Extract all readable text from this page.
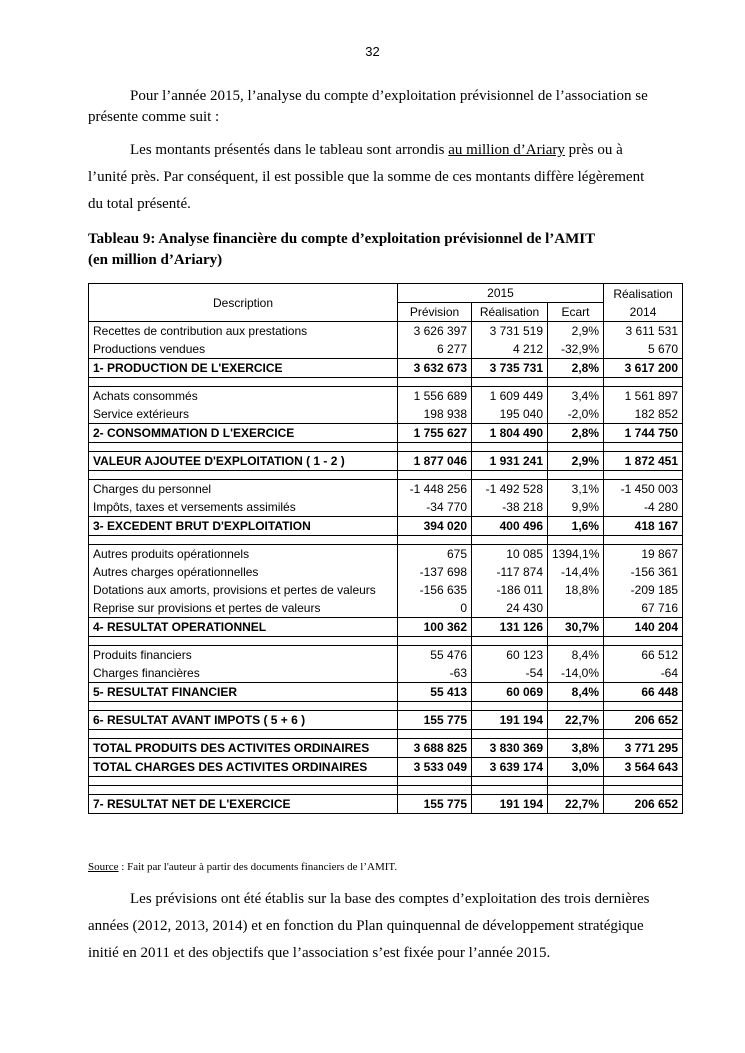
32

Pour l’année 2015, l’analyse du compte d’exploitation prévisionnel de l’association se présente comme suit :

Les montants présentés dans le tableau sont arrondis au million d’Ariary près ou à l’unité près. Par conséquent, il est possible que la somme de ces montants diffère légèrement du total présenté.

Tableau 9: Analyse financière du compte d’exploitation prévisionnel de l’AMIT
(en million d’Ariary)
Description	2015			Réalisation 2014
	Prévision	Réalisation	Ecart	
Recettes de contribution aux prestations	3 626 397	3 731 519	2,9%	3 611 531
Productions vendues	6 277	4 212	-32,9%	5 670
1- PRODUCTION DE L'EXERCICE	3 632 673	3 735 731	2,8%	3 617 200

Achats consommés	1 556 689	1 609 449	3,4%	1 561 897
Service extérieurs	198 938	195 040	-2,0%	182 852
2- CONSOMMATION D L'EXERCICE	1 755 627	1 804 490	2,8%	1 744 750

VALEUR AJOUTEE D'EXPLOITATION ( 1 - 2 )	1 877 046	1 931 241	2,9%	1 872 451

Charges du personnel	-1 448 256	-1 492 528	3,1%	-1 450 003
Impôts, taxes et versements assimilés	-34 770	-38 218	9,9%	-4 280
3- EXCEDENT BRUT D'EXPLOITATION	394 020	400 496	1,6%	418 167

Autres produits opérationnels	675	10 085	1394,1%	19 867
Autres charges opérationnelles	-137 698	-117 874	-14,4%	-156 361
Dotations aux amorts, provisions et pertes de valeurs	-156 635	-186 011	18,8%	-209 185
Reprise sur provisions et pertes de valeurs	0	24 430		67 716
4- RESULTAT OPERATIONNEL	100 362	131 126	30,7%	140 204

Produits financiers	55 476	60 123	8,4%	66 512
Charges financières	-63	-54	-14,0%	-64
5- RESULTAT FINANCIER	55 413	60 069	8,4%	66 448

6- RESULTAT AVANT IMPOTS ( 5 + 6 )	155 775	191 194	22,7%	206 652

TOTAL PRODUITS DES ACTIVITES ORDINAIRES	3 688 825	3 830 369	3,8%	3 771 295
TOTAL CHARGES DES ACTIVITES ORDINAIRES	3 533 049	3 639 174	3,0%	3 564 643

7- RESULTAT NET DE L'EXERCICE	155 775	191 194	22,7%	206 652
Source : Fait par l'auteur à partir des documents financiers de l’AMIT.

Les prévisions ont été établis sur la base des comptes d’exploitation des trois dernières années (2012, 2013, 2014) et en fonction du Plan quinquennal de développement stratégique initié en 2011 et des objectifs que l’association s’est fixée pour l’année 2015.
